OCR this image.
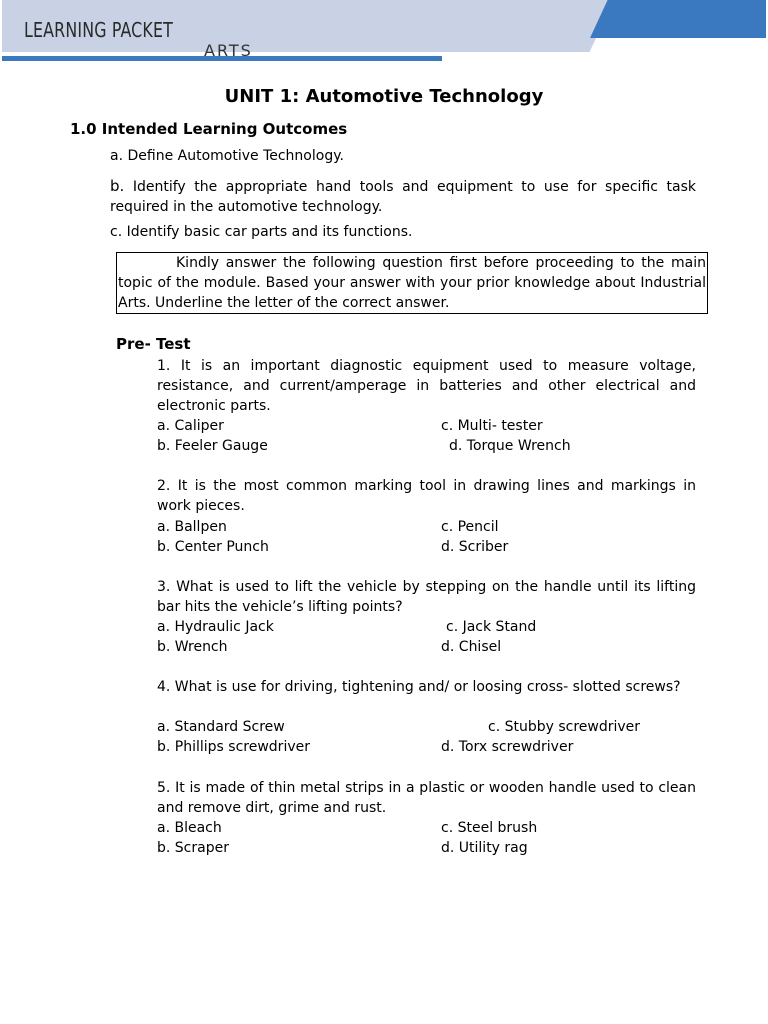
LEARNING PACKET
ARTS
UNIT 1: Automotive Technology
1.0 Intended Learning Outcomes
a. Define Automotive Technology.
b. Identify the appropriate hand tools and equipment to use for specific task required in the automotive technology.
c. Identify basic car parts and its functions.

Kindly answer the following question first before proceeding to the main topic of the module. Based your answer with your prior knowledge about Industrial Arts. Underline the letter of the correct answer.

Pre- Test
1. It is an important diagnostic equipment used to measure voltage, resistance, and current/amperage in batteries and other electrical and electronic parts.
a. Caliper	c. Multi- tester
b. Feeler Gauge	d. Torque Wrench
2. It is the most common marking tool in drawing lines and markings in work pieces.
a. Ballpen	c. Pencil
b. Center Punch	d. Scriber
3. What is used to lift the vehicle by stepping on the handle until its lifting bar hits the vehicle’s lifting points?
a. Hydraulic Jack	c. Jack Stand
b. Wrench	d. Chisel
4. What is use for driving, tightening and/ or loosing cross- slotted screws?
a. Standard Screw	c. Stubby screwdriver
b. Phillips screwdriver	d. Torx screwdriver
5. It is made of thin metal strips in a plastic or wooden handle used to clean and remove dirt, grime and rust.
a. Bleach	c. Steel brush
b. Scraper	d. Utility rag
